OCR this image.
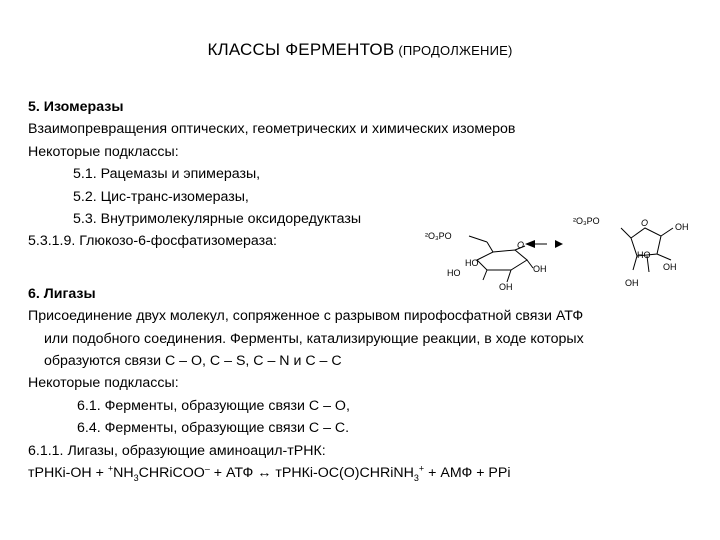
КЛАССЫ ФЕРМЕНТОВ (ПРОДОЛЖЕНИЕ)
5. Изомеразы
Взаимопревращения оптических, геометрических и химических изомеров
Некоторые подклассы:
5.1. Рацемазы и эпимеразы,
5.2. Цис-транс-изомеразы,
5.3. Внутримолекулярные оксидоредуктазы
5.3.1.9. Глюкозо-6-фосфатизомераза:
6. Лигазы
Присоединение двух молекул, сопряженное с разрывом пирофосфатной связи АТФ
или подобного соединения. Ферменты, катализирующие реакции, в ходе которых
образуются связи С – О, С – S, С – N и С – С
Некоторые подклассы:
6.1. Ферменты, образующие связи С – О,
6.4. Ферменты, образующие связи С – С.
6.1.1. Лигазы, образующие аминоацил-тРНК:
тРНКi-OH + $^+NH_3CHRiCOO^-$ + АТФ ↔ тРНКi-OC(O)CHRiNH$_3$+ + АМФ + PPi
²O₃PO
O
HO
HO
OH
OH
²O₃PO	O	OH
OH
HO
OH
